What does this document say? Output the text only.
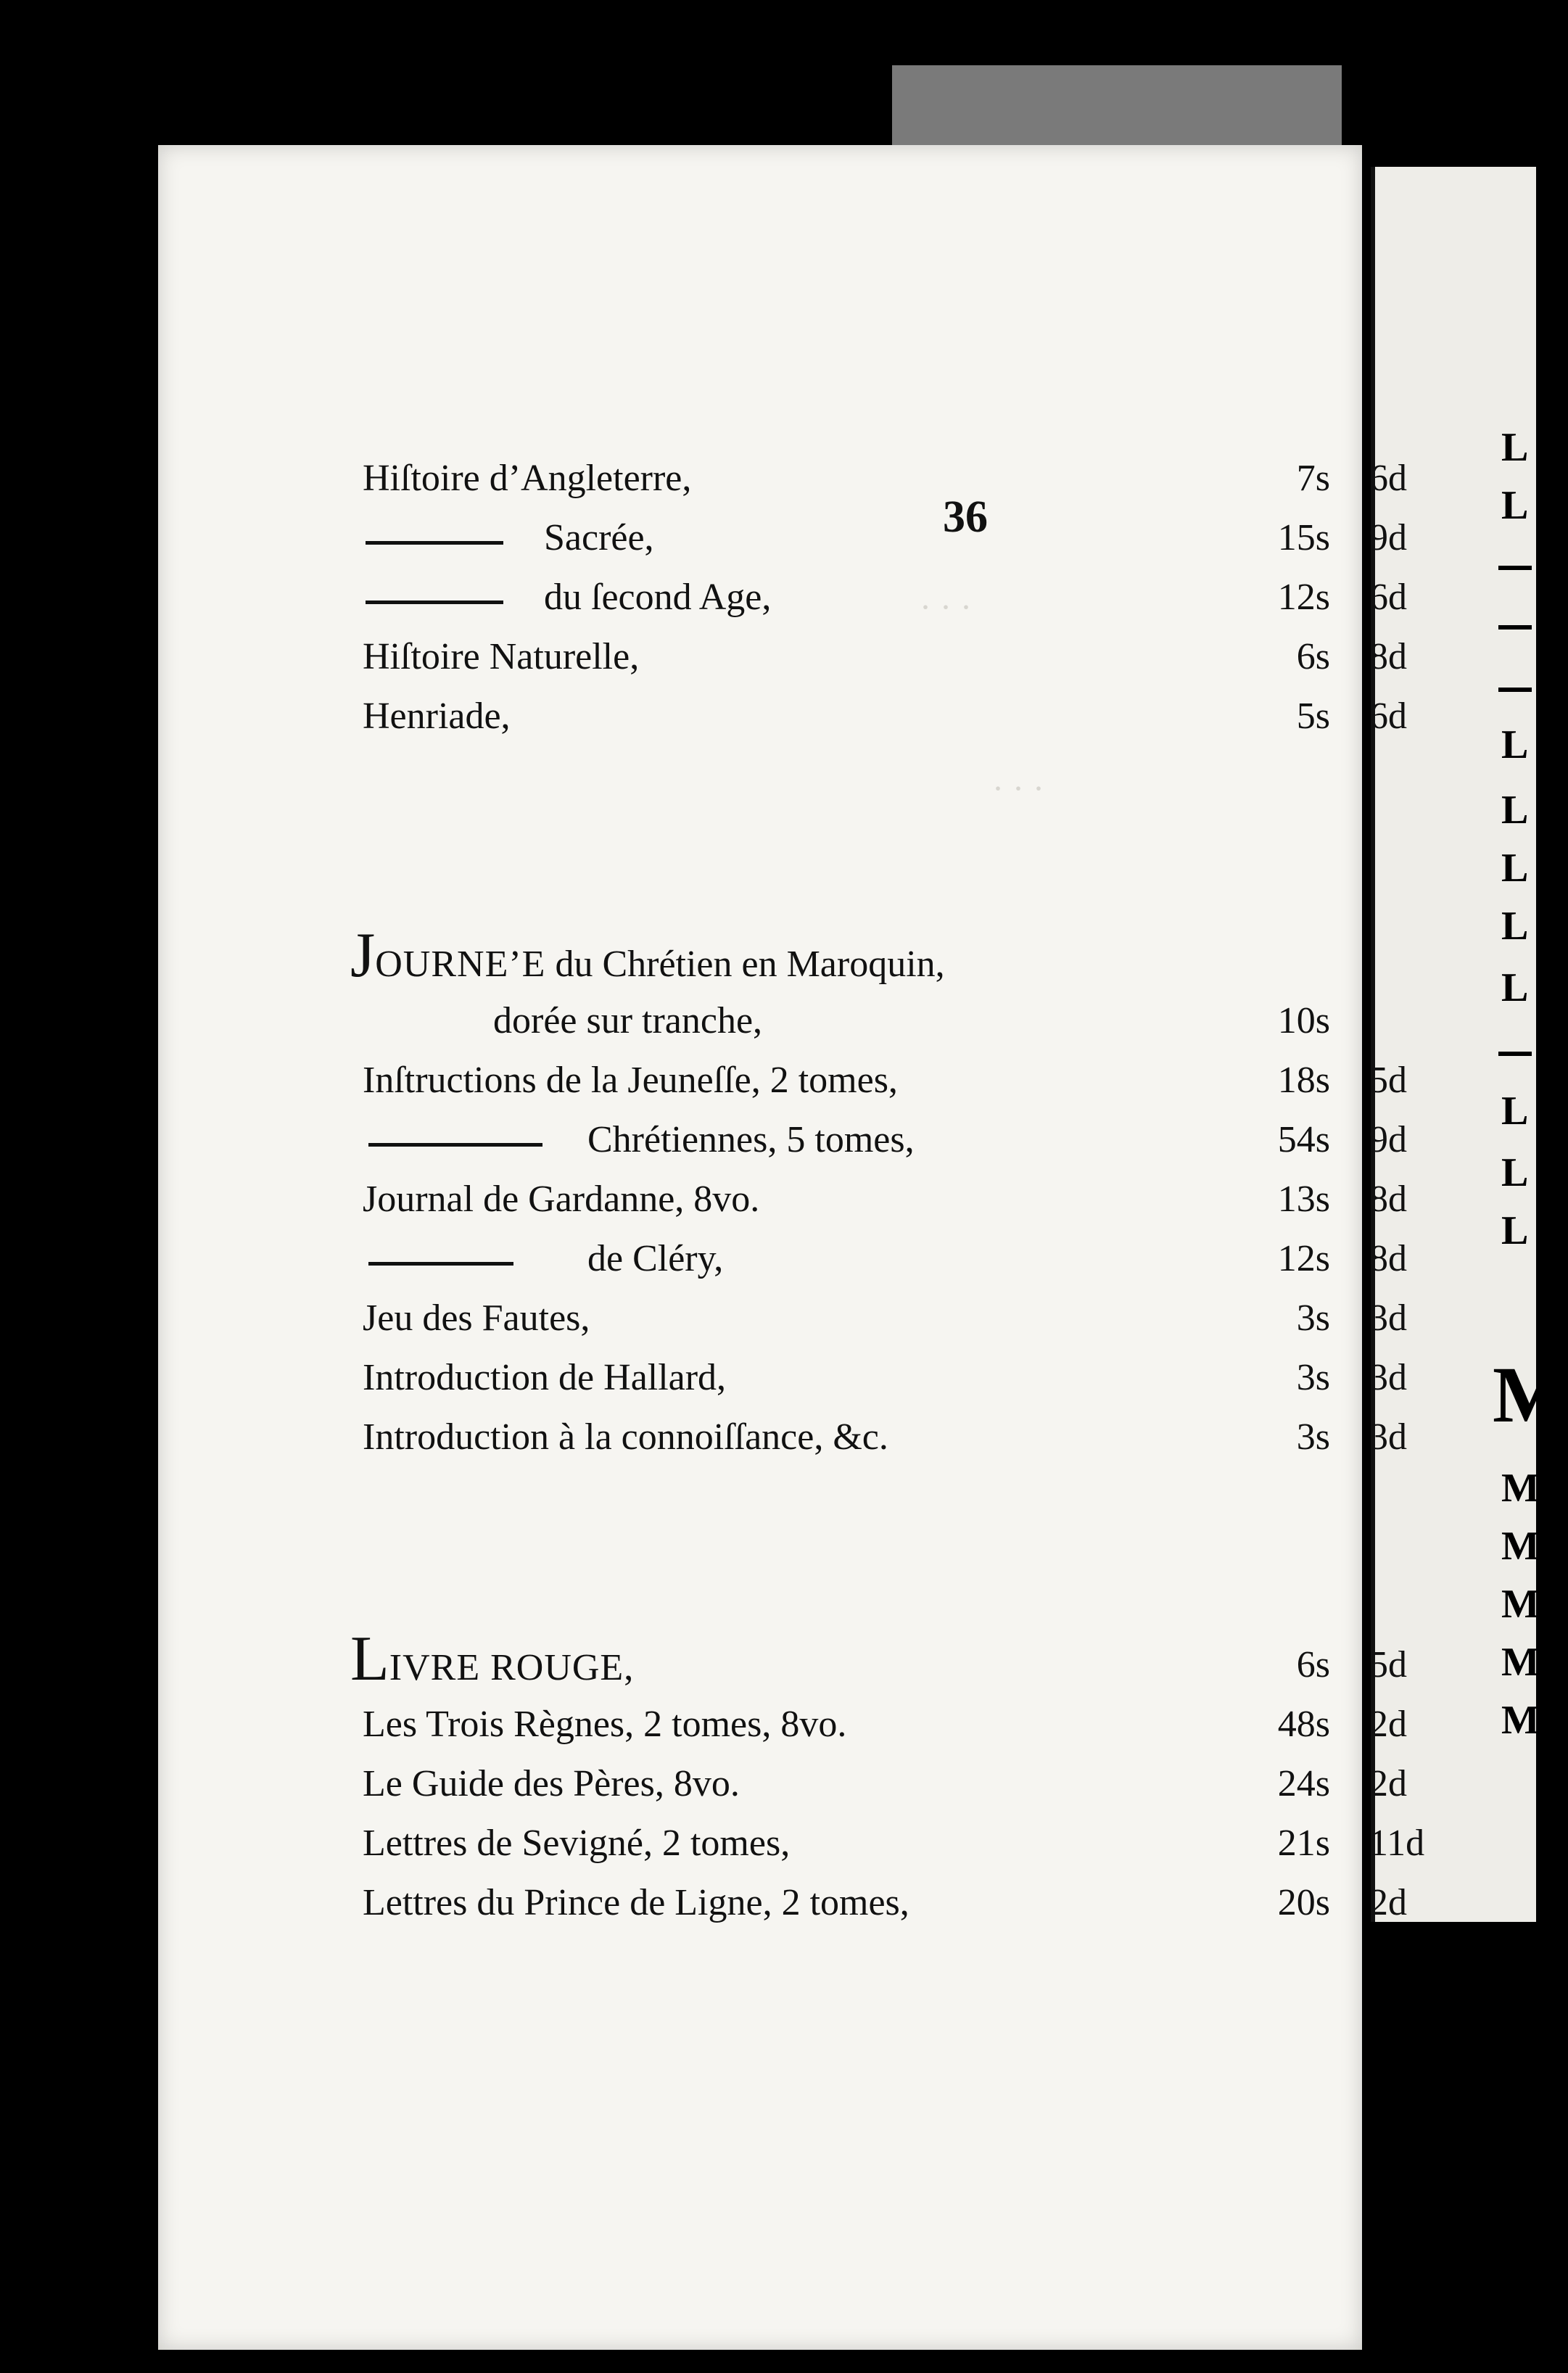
L
L
L
L
L
L
L
L
L
L
36
· · ·
· · ·
Hiſtoire d’Angleterre,	7s 6d
Sacrée,	15s 9d
du ſecond Age,	12s 6d
Hiſtoire Naturelle,	6s 8d
Henriade,	5s 6d
JOURNE’E du Chrétien en Maroquin,
dorée sur tranche,	10s
Inſtructions de la Jeuneſſe, 2 tomes,	18s 5d
Chrétiennes, 5 tomes,	54s 9d
Journal de Gardanne, 8vo.	13s 8d
de Cléry,	12s 8d
Jeu des Fautes,	3s 3d
Introduction de Hallard,	3s 3d
Introduction à la connoiſſance, &c.	3s 3d
LIVRE ROUGE,	6s 5d
Les Trois Règnes, 2 tomes, 8vo.	48s 2d
Le Guide des Pères, 8vo.	24s 2d
Lettres de Sevigné, 2 tomes,	21s 11d
Lettres du Prince de Ligne, 2 tomes,	20s 2d
M
M
M
M
M
M
